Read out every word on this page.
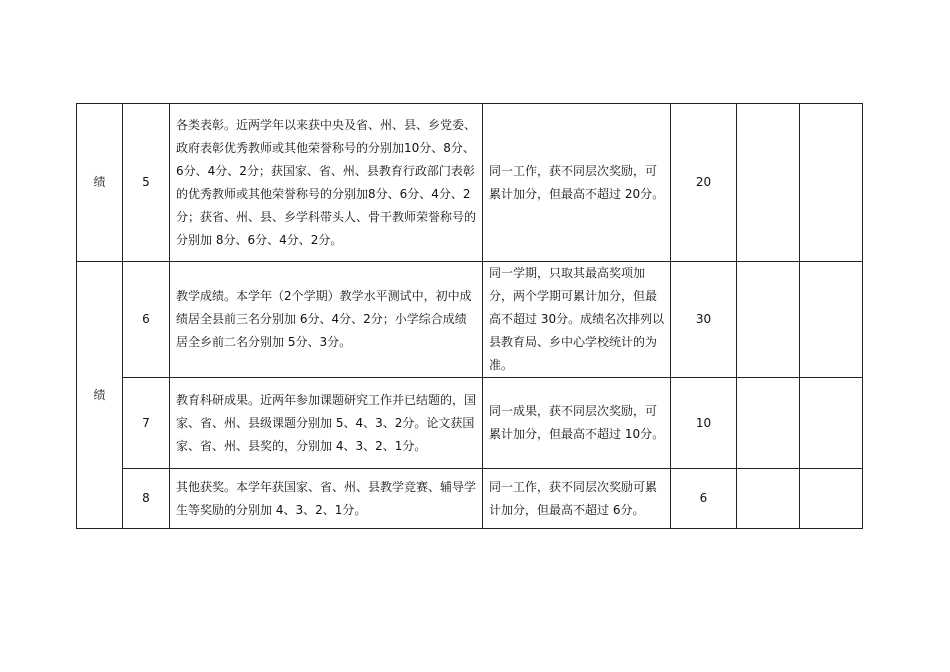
绩	5	各类表彰。近两学年以来获中央及省、州、县、乡党委、政府表彰优秀教师或其他荣誉称号的分别加10分、8分、6分、4分、2分；获国家、省、州、县教育行政部门表彰的优秀教师或其他荣誉称号的分别加8分、6分、4分、2分；获省、州、县、乡学科带头人、骨干教师荣誉称号的分别加 8分、6分、4分、2分。	同一工作，获不同层次奖励，可累计加分，但最高不超过 20分。	20		
绩	6	教学成绩。本学年（2个学期）教学水平测试中，初中成绩居全县前三名分别加 6分、4分、2分；小学综合成绩居全乡前二名分别加 5分、3分。	同一学期，只取其最高奖项加分，两个学期可累计加分，但最高不超过 30分。成绩名次排列以县教育局、乡中心学校统计的为准。	30		
	7	教育科研成果。近两年参加课题研究工作并已结题的，国家、省、州、县级课题分别加 5、4、3、2分。论文获国家、省、州、县奖的，分别加 4、3、2、1分。	同一成果，获不同层次奖励，可累计加分，但最高不超过 10分。	10		
	8	其他获奖。本学年获国家、省、州、县教学竞赛、辅导学生等奖励的分别加 4、3、2、1分。	同一工作，获不同层次奖励可累计加分，但最高不超过 6分。	6		
